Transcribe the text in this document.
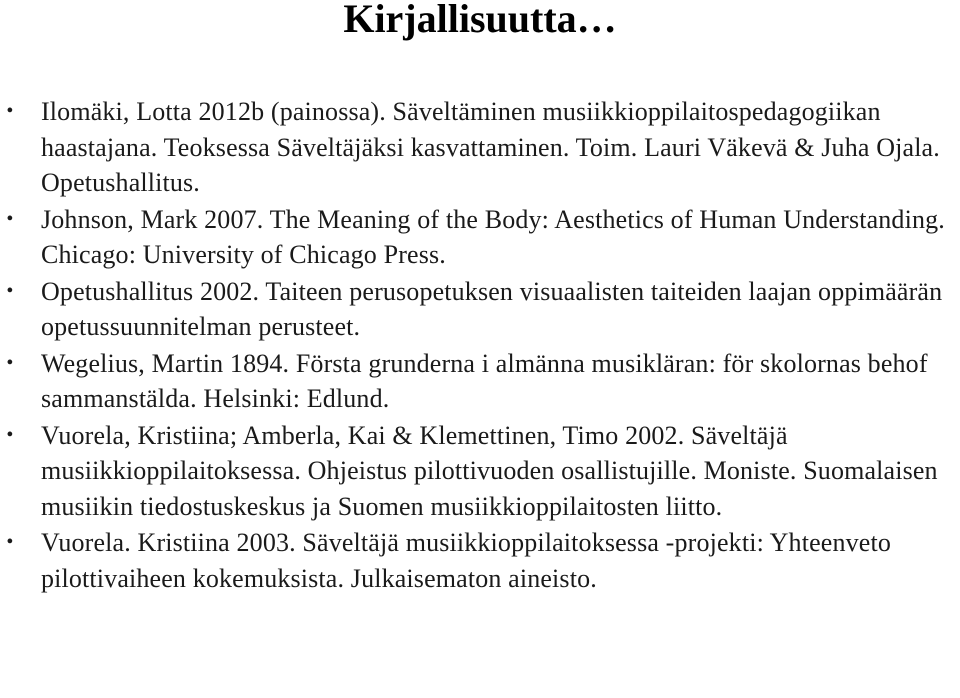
Kirjallisuutta…
• Ilomäki, Lotta 2012b (painossa). Säveltäminen musiikkioppilaitospedagogiikan haastajana. Teoksessa Säveltäjäksi kasvattaminen. Toim. Lauri Väkevä & Juha Ojala. Opetushallitus.
• Johnson, Mark 2007. The Meaning of the Body: Aesthetics of Human Understanding. Chicago: University of Chicago Press.
• Opetushallitus 2002. Taiteen perusopetuksen visuaalisten taiteiden laajan oppimäärän opetussuunnitelman perusteet.
• Wegelius, Martin 1894. Första grunderna i almänna musikläran: för skolornas behof sammanstälda. Helsinki: Edlund.
• Vuorela, Kristiina; Amberla, Kai & Klemettinen, Timo 2002. Säveltäjä musiikkioppilaitoksessa. Ohjeistus pilottivuoden osallistujille. Moniste. Suomalaisen musiikin tiedostuskeskus ja Suomen musiikkioppilaitosten liitto.
• Vuorela. Kristiina 2003. Säveltäjä musiikkioppilaitoksessa -projekti: Yhteenveto pilottivaiheen kokemuksista. Julkaisematon aineisto.
